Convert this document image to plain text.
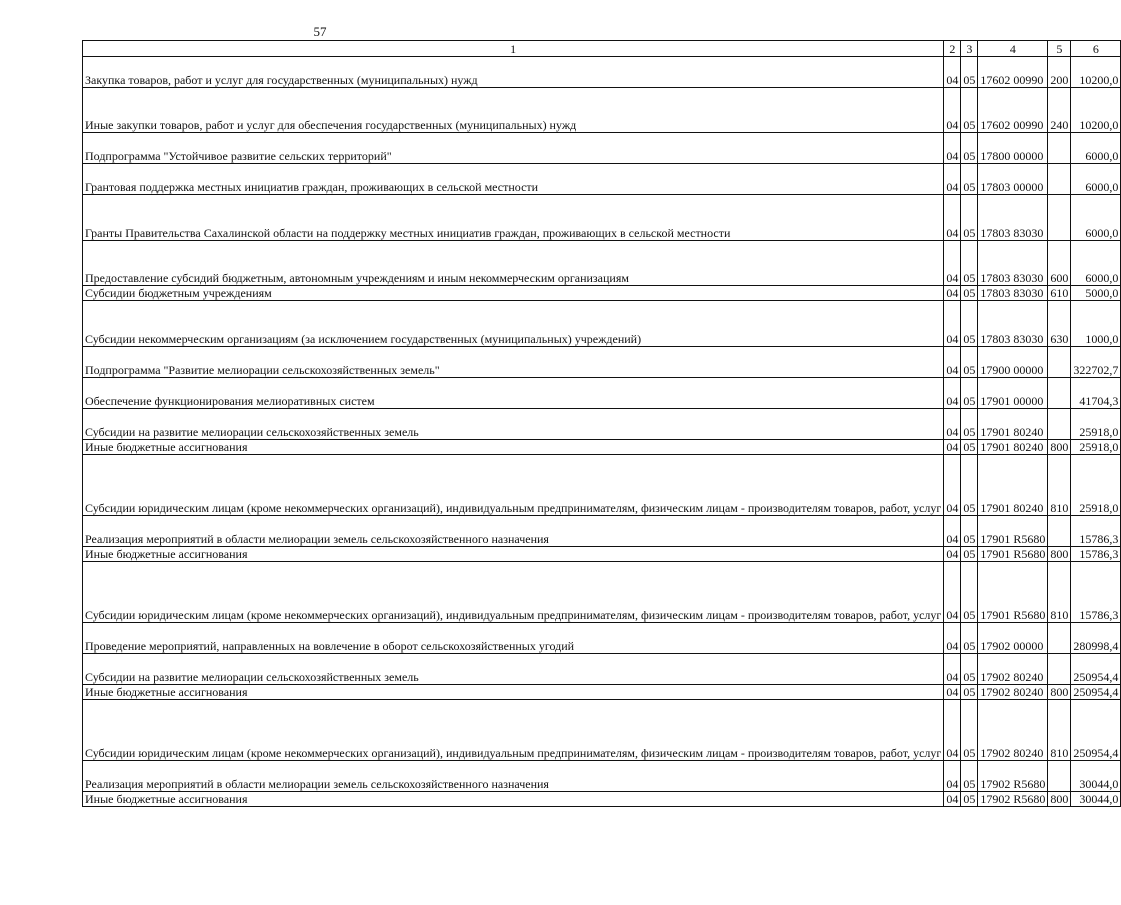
57
1	2	3	4	5	6
Закупка товаров, работ и услуг для государственных (муниципальных) нужд	04	05	17602 00990	200	10200,0
Иные закупки товаров, работ и услуг для обеспечения государственных (муниципальных) нужд	04	05	17602 00990	240	10200,0
Подпрограмма "Устойчивое развитие сельских территорий"	04	05	17800 00000		6000,0
Грантовая поддержка местных инициатив граждан, проживающих в сельской местности	04	05	17803 00000		6000,0
Гранты Правительства Сахалинской области на поддержку местных инициатив граждан, проживающих в сельской местности	04	05	17803 83030		6000,0
Предоставление субсидий бюджетным, автономным учреждениям и иным некоммерческим организациям	04	05	17803 83030	600	6000,0
Субсидии бюджетным учреждениям	04	05	17803 83030	610	5000,0
Субсидии некоммерческим организациям (за исключением государственных (муниципальных) учреждений)	04	05	17803 83030	630	1000,0
Подпрограмма "Развитие мелиорации сельскохозяйственных земель"	04	05	17900 00000		322702,7
Обеспечение функционирования мелиоративных систем	04	05	17901 00000		41704,3
Субсидии на развитие мелиорации сельскохозяйственных земель	04	05	17901 80240		25918,0
Иные бюджетные ассигнования	04	05	17901 80240	800	25918,0
Субсидии юридическим лицам (кроме некоммерческих организаций), индивидуальным предпринимателям, физическим лицам - производителям товаров, работ, услуг	04	05	17901 80240	810	25918,0
Реализация мероприятий в области мелиорации земель сельскохозяйственного назначения	04	05	17901 R5680		15786,3
Иные бюджетные ассигнования	04	05	17901 R5680	800	15786,3
Субсидии юридическим лицам (кроме некоммерческих организаций), индивидуальным предпринимателям, физическим лицам - производителям товаров, работ, услуг	04	05	17901 R5680	810	15786,3
Проведение мероприятий, направленных на вовлечение в оборот сельскохозяйственных угодий	04	05	17902 00000		280998,4
Субсидии на развитие мелиорации сельскохозяйственных земель	04	05	17902 80240		250954,4
Иные бюджетные ассигнования	04	05	17902 80240	800	250954,4
Субсидии юридическим лицам (кроме некоммерческих организаций), индивидуальным предпринимателям, физическим лицам - производителям товаров, работ, услуг	04	05	17902 80240	810	250954,4
Реализация мероприятий в области мелиорации земель сельскохозяйственного назначения	04	05	17902 R5680		30044,0
Иные бюджетные ассигнования	04	05	17902 R5680	800	30044,0
